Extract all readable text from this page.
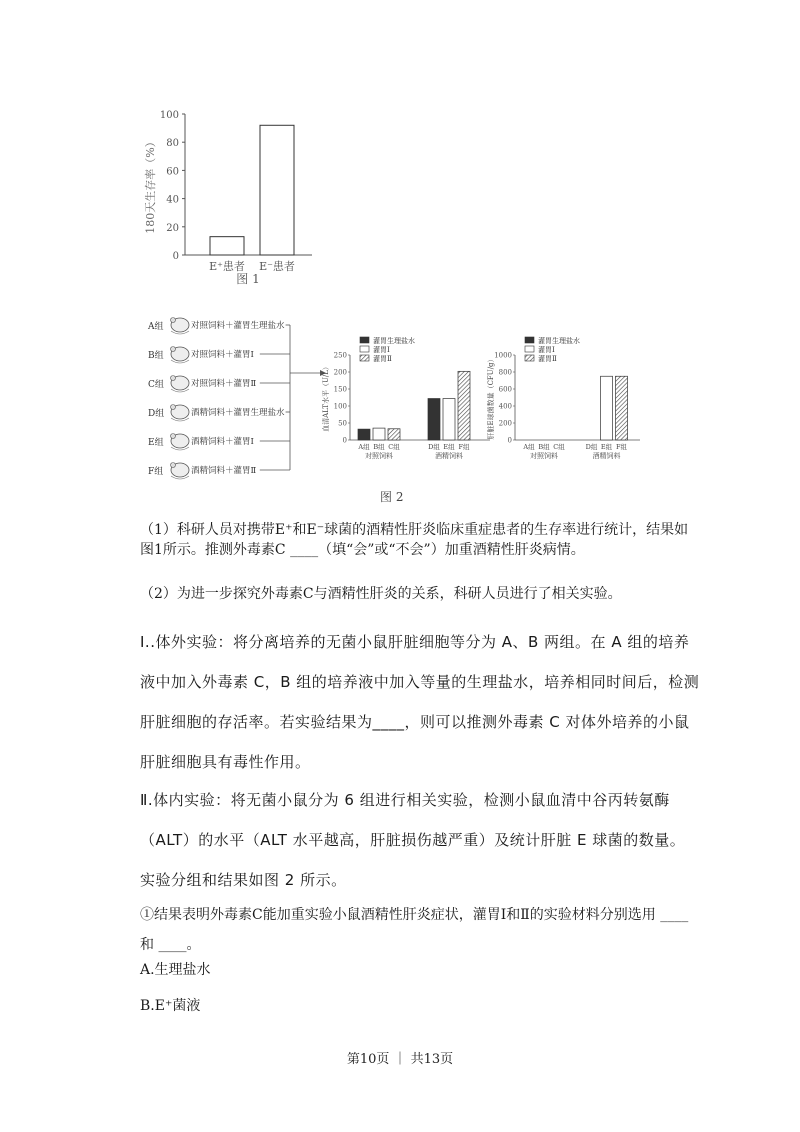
0
20
40
60
80
100
E⁺患者 E⁻患者
180天生存率（%）
图 1
A组	对照饲料＋灌胃生理盐水
B组	对照饲料＋灌胃Ⅰ
C组	对照饲料＋灌胃Ⅱ
D组	酒精饲料＋灌胃生理盐水
E组	酒精饲料＋灌胃Ⅰ
F组	酒精饲料＋灌胃Ⅱ
0
50
100
150
200
250
血清ALT水平（U/L）
灌胃生理盐水
灌胃Ⅰ
灌胃Ⅱ
A组 B组 C组	D组 E组 F组
对照饲料	酒精饲料
0
200
400
600
800
1000
肝脏E球菌数量（CFU/g）
灌胃生理盐水
灌胃Ⅰ
灌胃Ⅱ
A组 B组 C组	D组 E组 F组
对照饲料	酒精饲料
图 2
（1）科研人员对携带E⁺和E⁻球菌的酒精性肝炎临床重症患者的生存率进行统计，结果如图1所示。推测外毒素C ____（填“会”或“不会”）加重酒精性肝炎病情。
（2）为进一步探究外毒素C与酒精性肝炎的关系，科研人员进行了相关实验。
Ⅰ..体外实验：将分离培养的无菌小鼠肝脏细胞等分为 A、B 两组。在 A 组的培养液中加入外毒素 C，B 组的培养液中加入等量的生理盐水，培养相同时间后，检测肝脏细胞的存活率。若实验结果为____，则可以推测外毒素 C 对体外培养的小鼠肝脏细胞具有毒性作用。
Ⅱ.体内实验：将无菌小鼠分为 6 组进行相关实验，检测小鼠血清中谷丙转氨酶（ALT）的水平（ALT 水平越高，肝脏损伤越严重）及统计肝脏 E 球菌的数量。实验分组和结果如图 2 所示。
①结果表明外毒素C能加重实验小鼠酒精性肝炎症状，灌胃Ⅰ和Ⅱ的实验材料分别选用 ____和 ____。
A.生理盐水
B.E⁺菌液
第10页 ｜ 共13页
